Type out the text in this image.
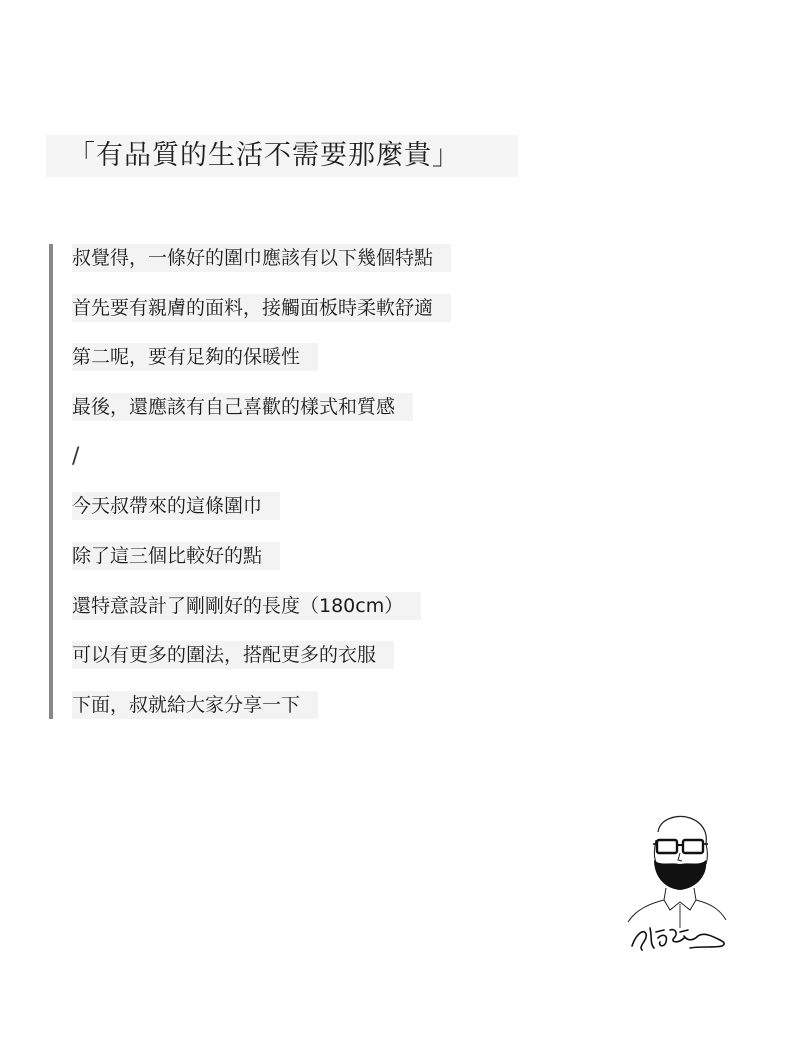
「有品質的生活不需要那麼貴」
叔覺得，一條好的圍巾應該有以下幾個特點
首先要有親膚的面料，接觸面板時柔軟舒適
第二呢，要有足夠的保暖性
最後，還應該有自己喜歡的樣式和質感
/
今天叔帶來的這條圍巾
除了這三個比較好的點
還特意設計了剛剛好的長度（180cm）
可以有更多的圍法，搭配更多的衣服
下面，叔就給大家分享一下
